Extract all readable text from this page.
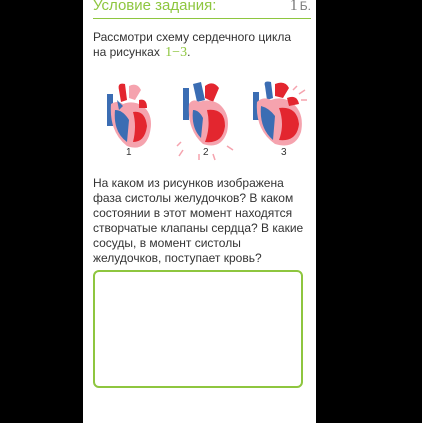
Условие задания:	1 Б.
Рассмотри схему сердечного цикла на рисунках 1−3.
1	2	3
На каком из рисунков изображена фаза систолы желудочков? В каком состоянии в этот момент находятся створчатые клапаны сердца? В какие сосуды, в момент систолы желудочков, поступает кровь?
